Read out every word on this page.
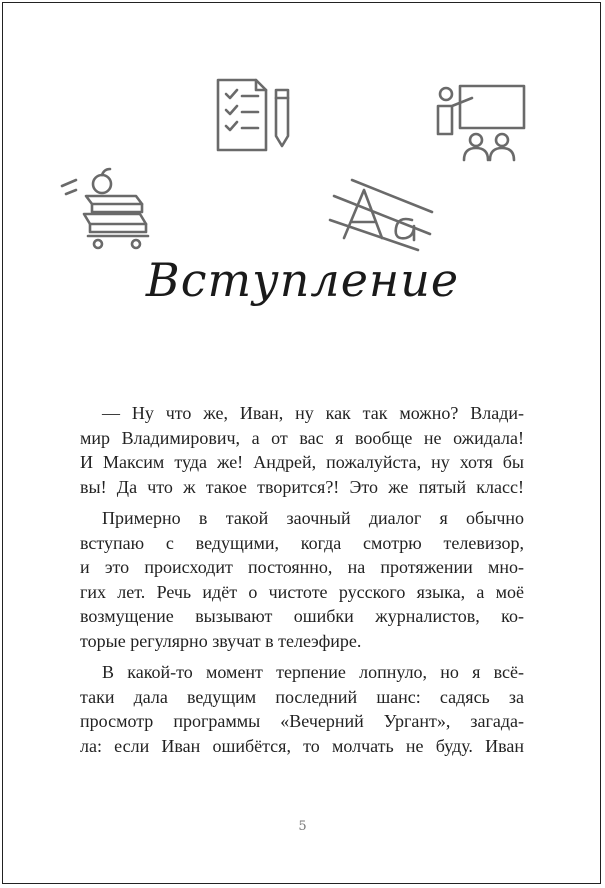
Вступление
— Ну что же, Иван, ну как так можно? Влади-
мир Владимирович, а от вас я вообще не ожидала!
И Максим туда же! Андрей, пожалуйста, ну хотя бы
вы! Да что ж такое творится?! Это же пятый класс!
Примерно в такой заочный диалог я обычно
вступаю с ведущими, когда смотрю телевизор,
и это происходит постоянно, на протяжении мно-
гих лет. Речь идёт о чистоте русского языка, а моё
возмущение вызывают ошибки журналистов, ко-
торые регулярно звучат в телеэфире.
В какой-то момент терпение лопнуло, но я всё-
таки дала ведущим последний шанс: садясь за
просмотр программы «Вечерний Ургант», загада-
ла: если Иван ошибётся, то молчать не буду. Иван
5
